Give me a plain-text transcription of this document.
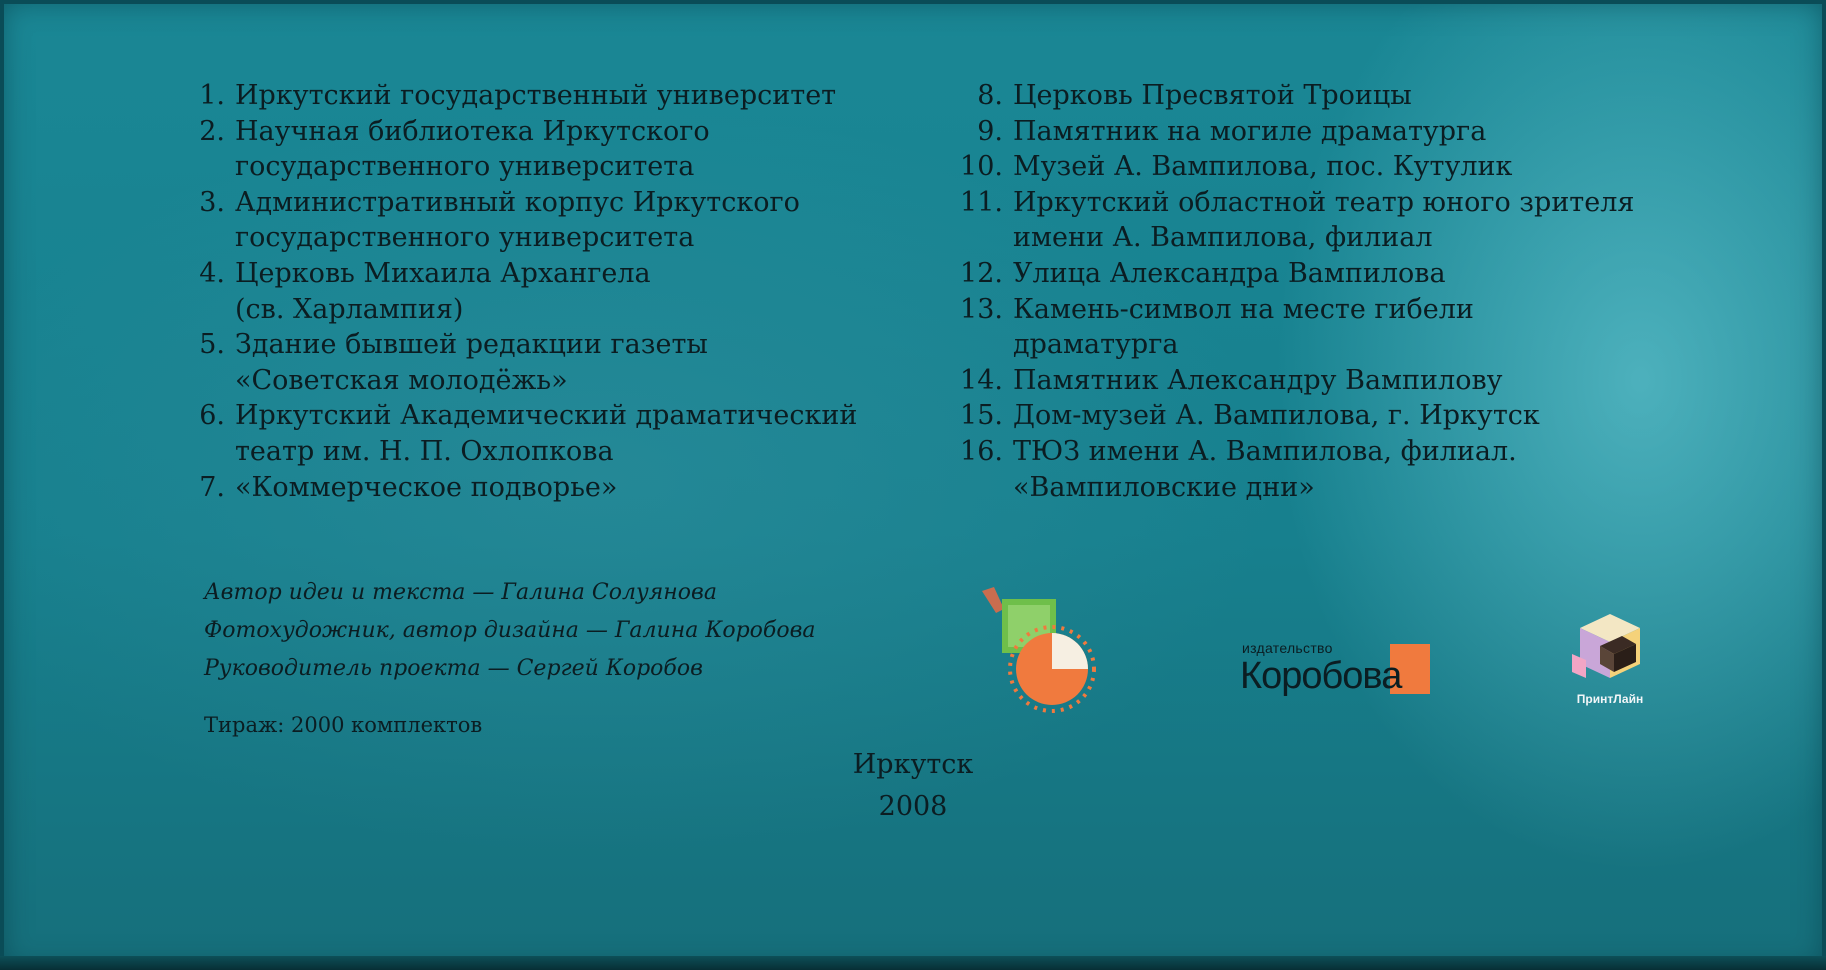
1. Иркутский государственный университет
2. Научная библиотека Иркутского
государственного университета
3. Административный корпус Иркутского
государственного университета
4. Церковь Михаила Архангела
(св. Харлампия)
5. Здание бывшей редакции газеты
«Советская молодёжь»
6. Иркутский Академический драматический
театр им. Н. П. Охлопкова
7. «Коммерческое подворье»
8. Церковь Пресвятой Троицы
9. Памятник на могиле драматурга
10. Музей А. Вампилова, пос. Кутулик
11. Иркутский областной театр юного зрителя
имени А. Вампилова, филиал
12. Улица Александра Вампилова
13. Камень-символ на месте гибели
драматурга
14. Памятник Александру Вампилову
15. Дом-музей А. Вампилова, г. Иркутск
16. ТЮЗ имени А. Вампилова, филиал.
«Вампиловские дни»
Автор идеи и текста — Галина Солуянова
Фотохудожник, автор дизайна — Галина Коробова
Руководитель проекта — Сергей Коробов
Тираж: 2000 комплектов
Иркутск
2008
издательство
Коробова
ПринтЛайн
